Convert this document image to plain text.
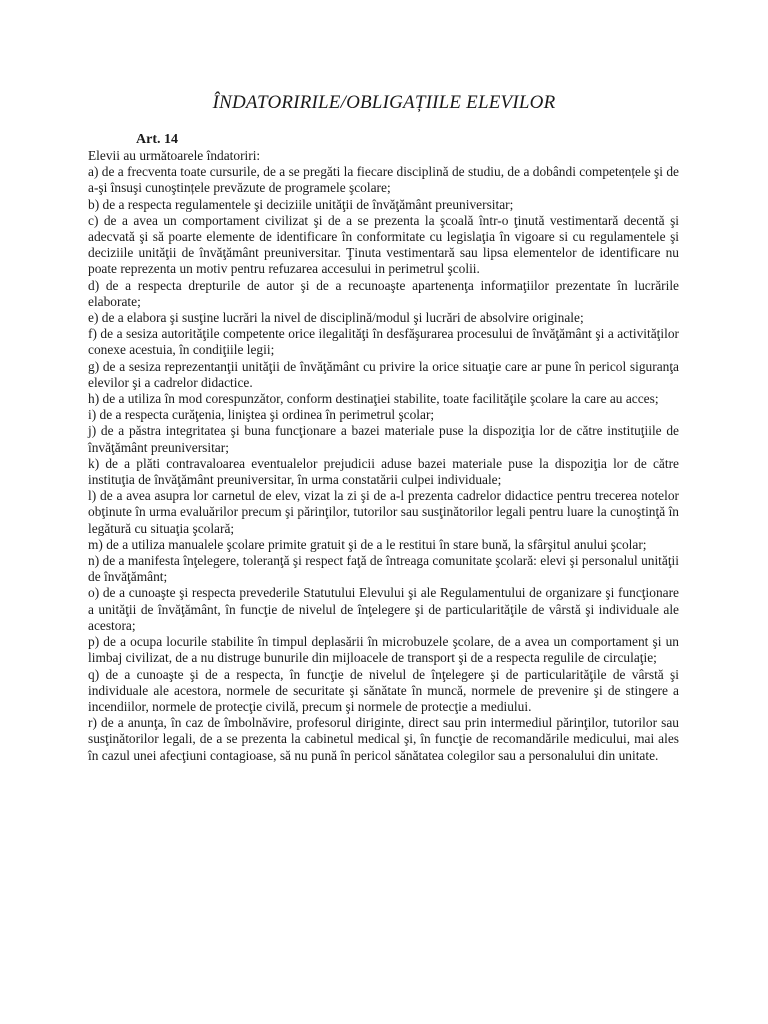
ÎNDATORIRILE/OBLIGAȚIILE ELEVILOR
Art. 14

Elevii au următoarele îndatoriri:

a) de a frecventa toate cursurile, de a se pregăti la fiecare disciplină de studiu, de a dobândi competențele şi de a-şi însuşi cunoştințele prevăzute de programele şcolare;

b) de a respecta regulamentele şi deciziile unităţii de învăţământ preuniversitar;

c) de a avea un comportament civilizat şi de a se prezenta la şcoală într-o ţinută vestimentară decentă şi adecvată şi să poarte elemente de identificare în conformitate cu legislaţia în vigoare si cu regulamentele şi deciziile unităţii de învăţământ preuniversitar. Ţinuta vestimentară sau lipsa elementelor de identificare nu poate reprezenta un motiv pentru refuzarea accesului in perimetrul şcolii.

d) de a respecta drepturile de autor şi de a recunoaşte apartenenţa informaţiilor prezentate în lucrările elaborate;

e) de a elabora şi susţine lucrări la nivel de disciplină/modul şi lucrări de absolvire originale;

f) de a sesiza autorităţile competente orice ilegalităţi în desfăşurarea procesului de învăţământ şi a activităţilor conexe acestuia, în condiţiile legii;

g) de a sesiza reprezentanţii unităţii de învăţământ cu privire la orice situaţie care ar pune în pericol siguranţa elevilor şi a cadrelor didactice.

h) de a utiliza în mod corespunzător, conform destinaţiei stabilite, toate facilităţile şcolare la care au acces;

i) de a respecta curăţenia, liniştea şi ordinea în perimetrul şcolar;

j) de a păstra integritatea şi buna funcţionare a bazei materiale puse la dispoziţia lor de către instituţiile de învăţământ preuniversitar;

k) de a plăti contravaloarea eventualelor prejudicii aduse bazei materiale puse la dispoziţia lor de către instituţia de învăţământ preuniversitar, în urma constatării culpei individuale;

l) de a avea asupra lor carnetul de elev, vizat la zi şi de a-l prezenta cadrelor didactice pentru trecerea notelor obţinute în urma evaluărilor precum şi părinţilor, tutorilor sau susţinătorilor legali pentru luare la cunoştinţă în legătură cu situaţia şcolară;

m) de a utiliza manualele şcolare primite gratuit şi de a le restitui în stare bună, la sfârşitul anului şcolar;

n) de a manifesta înţelegere, toleranţă şi respect faţă de întreaga comunitate şcolară: elevi şi personalul unităţii de învăţământ;

o) de a cunoaşte şi respecta prevederile Statutului Elevului şi ale Regulamentului de organizare şi funcţionare a unităţii de învăţământ, în funcţie de nivelul de înţelegere şi de particularităţile de vârstă şi individuale ale acestora;

p) de a ocupa locurile stabilite în timpul deplasării în microbuzele şcolare, de a avea un comportament şi un limbaj civilizat, de a nu distruge bunurile din mijloacele de transport şi de a respecta regulile de circulaţie;

q) de a cunoaşte şi de a respecta, în funcţie de nivelul de înţelegere şi de particularităţile de vârstă şi individuale ale acestora, normele de securitate şi sănătate în muncă, normele de prevenire şi de stingere a incendiilor, normele de protecţie civilă, precum şi normele de protecţie a mediului.

r) de a anunţa, în caz de îmbolnăvire, profesorul diriginte, direct sau prin intermediul părinţilor, tutorilor sau susţinătorilor legali, de a se prezenta la cabinetul medical şi, în funcţie de recomandările medicului, mai ales în cazul unei afecţiuni contagioase, să nu pună în pericol sănătatea colegilor sau a personalului din unitate.
